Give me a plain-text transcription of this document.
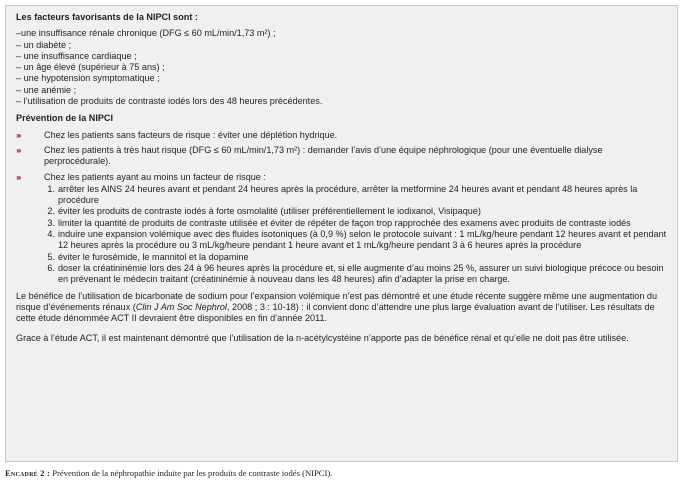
Les facteurs favorisants de la NIPCI sont :
–une insuffisance rénale chronique (DFG ≤ 60 mL/min/1,73 m²) ;
– un diabète ;
– une insuffisance cardiaque ;
– un âge élevé (supérieur à 75 ans) ;
– une hypotension symptomatique ;
– une anémie ;
– l’utilisation de produits de contraste iodés lors des 48 heures précédentes.
Prévention de la NIPCI
›››	Chez les patients sans facteurs de risque : éviter une déplétion hydrique.
›››	Chez les patients à très haut risque (DFG ≤ 60 mL/min/1,73 m²) : demander l’avis d’une équipe néphrologique (pour une éventuelle dialyse perprocédurale).
›››	Chez les patients ayant au moins un facteur de risque :
1. arrêter les AINS 24 heures avant et pendant 24 heures après la procédure, arrêter la metformine 24 heures avant et pendant 48 heures après la procédure
2. éviter les produits de contraste iodés à forte osmolalité (utiliser préférentiellement le iodixanol, Visipaque)
3. limiter la quantité de produits de contraste utilisée et éviter de répéter de façon trop rapprochée des examens avec produits de contraste iodés
4. induire une expansion volémique avec des fluides isotoniques (à 0,9 %) selon le protocole suivant : 1 mL/kg/heure pendant 12 heures avant et pendant 12 heures après la procédure ou 3 mL/kg/heure pendant 1 heure avant et 1 mL/kg/heure pendant 3 à 6 heures après la procédure
5. éviter le furosémide, le mannitol et la dopamine
6. doser la créatininémie lors des 24 à 96 heures après la procédure et, si elle augmente d’au moins 25 %, assurer un suivi biologique précoce ou besoin en prévenant le médecin traitant (créatininémie à nouveau dans les 48 heures) afin d’adapter la prise en charge.
Le bénéfice de l’utilisation de bicarbonate de sodium pour l’expansion volémique n’est pas démontré et une étude récente suggère même une augmentation du risque d’événements rénaux (Clin J Am Soc Nephrol, 2008 ; 3 : 10-18) : il convient donc d’attendre une plus large évaluation avant de l’utiliser. Les résultats de cette étude dénommée ACT II devraient être disponibles en fin d’année 2011.
Grace à l’étude ACT, il est maintenant démontré que l’utilisation de la n-acétylcystéine n’apporte pas de bénéfice rénal et qu’elle ne doit pas être utilisée.
Encadré 2 : Prévention de la néphropathie induite par les produits de contraste iodés (NIPCI).
